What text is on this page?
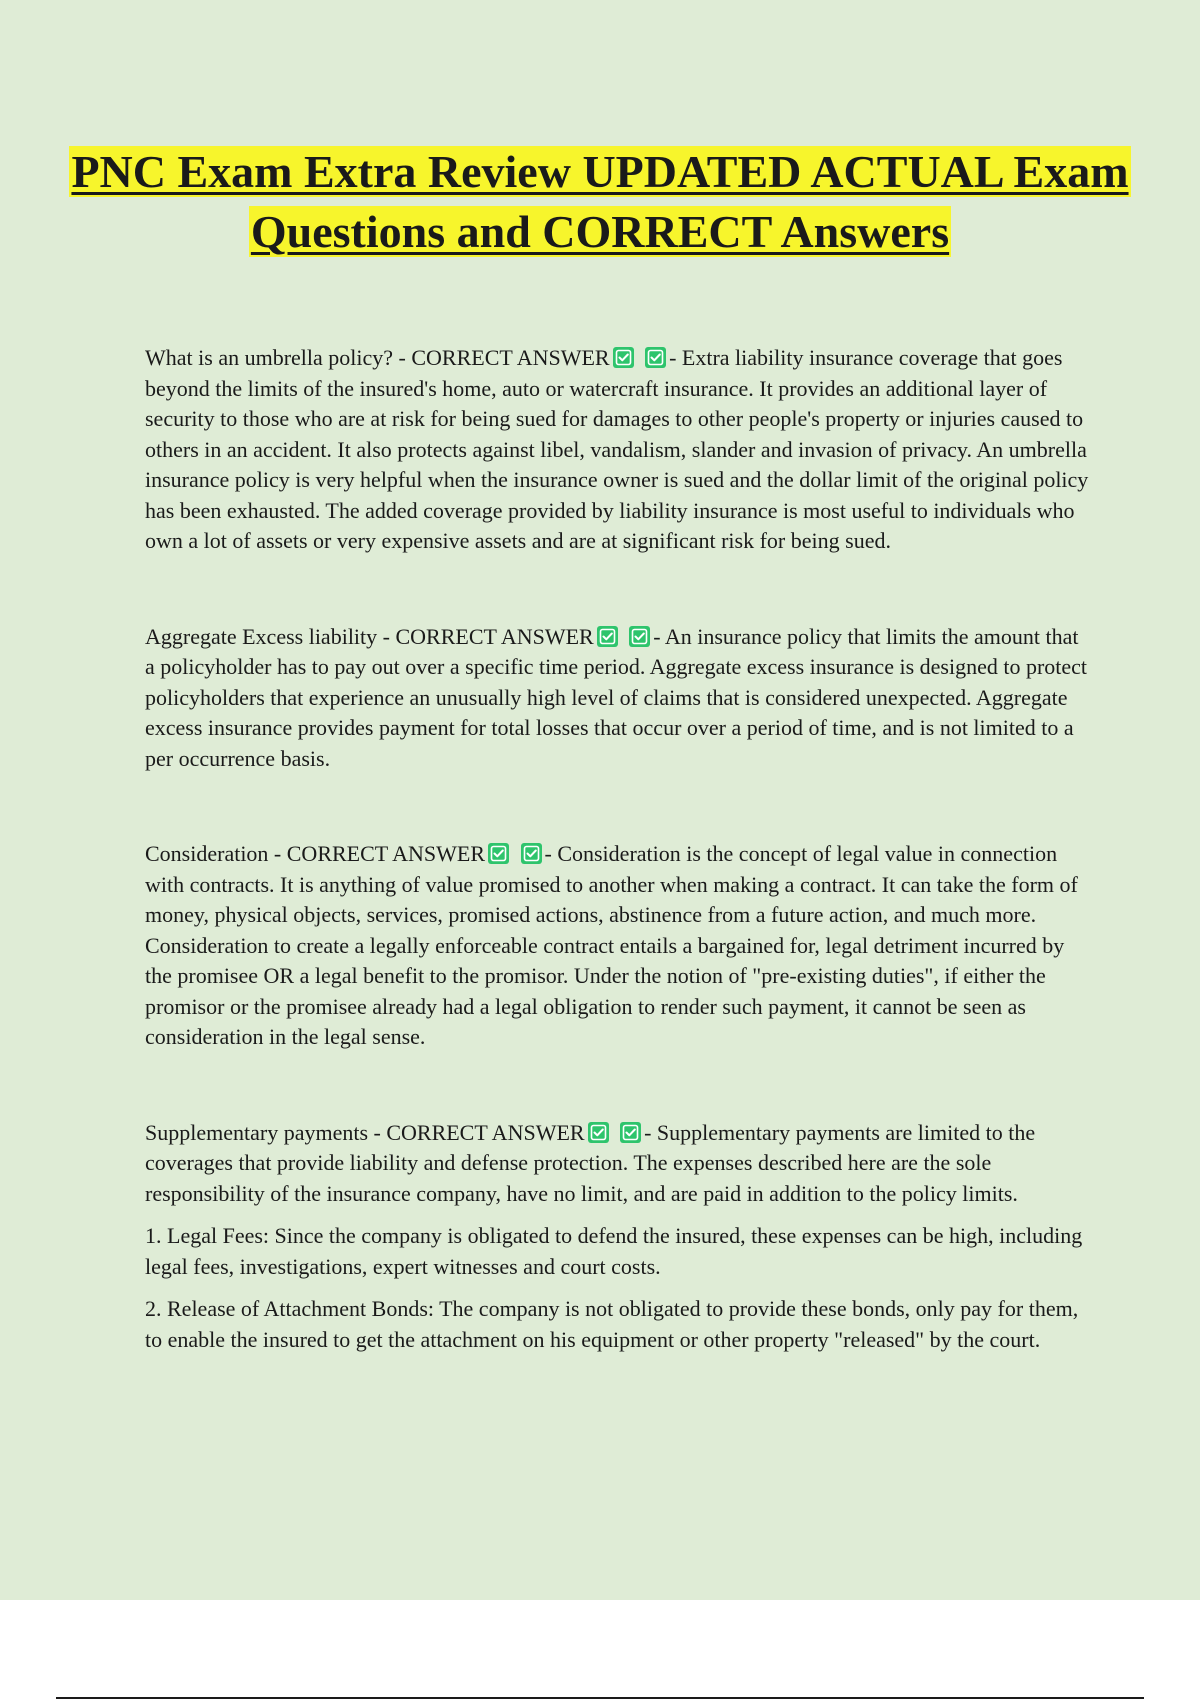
PNC Exam Extra Review UPDATED ACTUAL Exam Questions and CORRECT Answers

What is an umbrella policy? - CORRECT ANSWER
	- Extra liability insurance coverage that goes beyond the limits of the insured's home, auto or watercraft insurance. It provides an additional layer of security to those who are at risk for being sued for damages to other people's property or injuries caused to others in an accident. It also protects against libel, vandalism, slander and invasion of privacy. An umbrella insurance policy is very helpful when the insurance owner is sued and the dollar limit of the original policy has been exhausted. The added coverage provided by liability insurance is most useful to individuals who own a lot of assets or very expensive assets and are at significant risk for being sued.

Aggregate Excess liability - CORRECT ANSWER
	- An insurance policy that limits the amount that a policyholder has to pay out over a specific time period. Aggregate excess insurance is designed to protect policyholders that experience an unusually high level of claims that is considered unexpected. Aggregate excess insurance provides payment for total losses that occur over a period of time, and is not limited to a per occurrence basis.

Consideration - CORRECT ANSWER
	- Consideration is the concept of legal value in connection with contracts. It is anything of value promised to another when making a contract. It can take the form of money, physical objects, services, promised actions, abstinence from a future action, and much more. Consideration to create a legally enforceable contract entails a bargained for, legal detriment incurred by the promisee OR a legal benefit to the promisor. Under the notion of "pre-existing duties", if either the promisor or the promisee already had a legal obligation to render such payment, it cannot be seen as consideration in the legal sense.

Supplementary payments - CORRECT ANSWER
	- Supplementary payments are limited to the coverages that provide liability and defense protection. The expenses described here are the sole responsibility of the insurance company, have no limit, and are paid in addition to the policy limits.

1. Legal Fees: Since the company is obligated to defend the insured, these expenses can be high, including legal fees, investigations, expert witnesses and court costs.

2. Release of Attachment Bonds: The company is not obligated to provide these bonds, only pay for them, to enable the insured to get the attachment on his equipment or other property "released" by the court.
